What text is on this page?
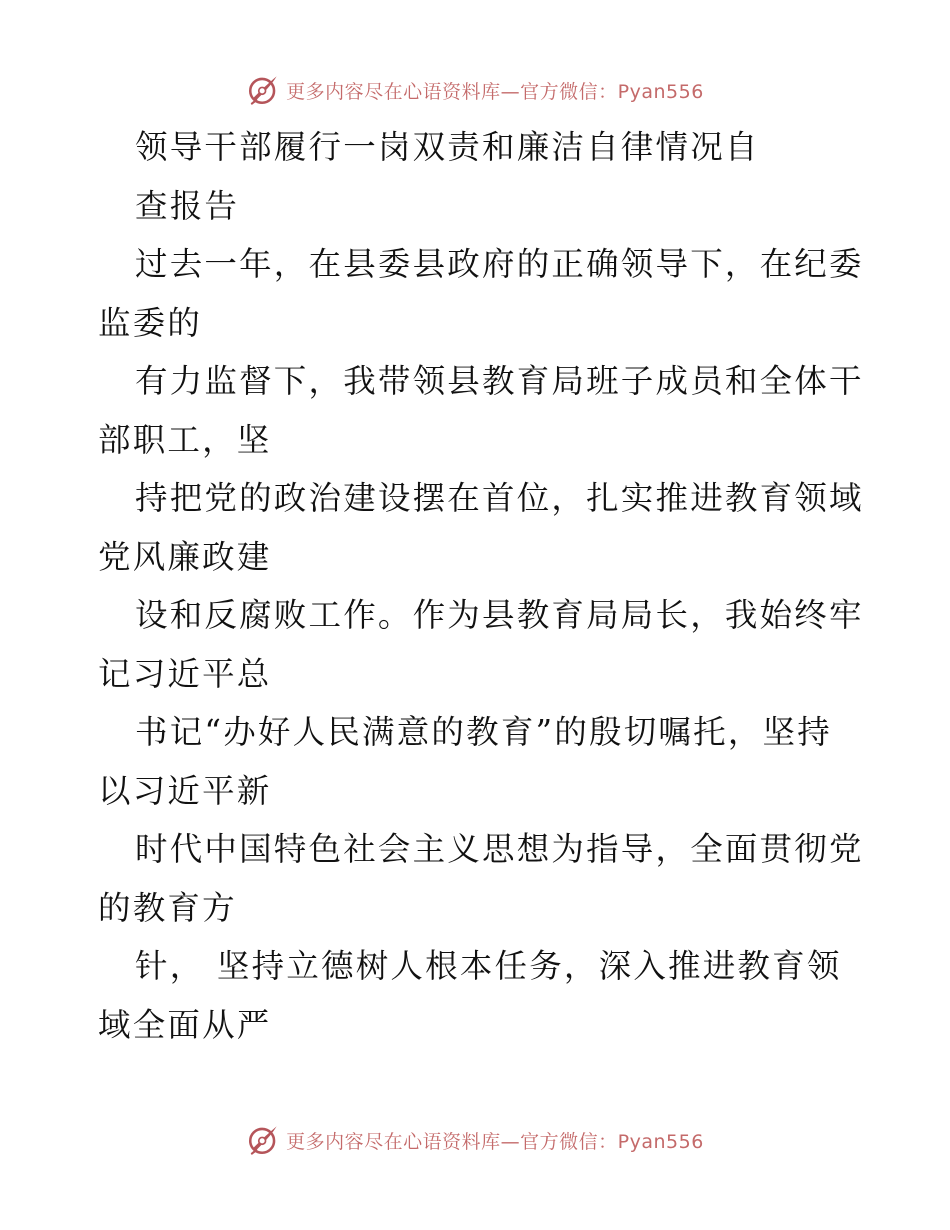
更多内容尽在心语资料库—官方微信：Pyan556
领导干部履行一岗双责和廉洁自律情况自
查报告
过去一年，在县委县政府的正确领导下，在纪委
监委的
有力监督下，我带领县教育局班子成员和全体干
部职工，坚
持把党的政治建设摆在首位，扎实推进教育领域
党风廉政建
设和反腐败工作。作为县教育局局长，我始终牢
记习近平总
书记“办好人民满意的教育”的殷切嘱托，坚持
以习近平新
时代中国特色社会主义思想为指导，全面贯彻党
的教育方
针， 坚持立德树人根本任务，深入推进教育领
域全面从严
更多内容尽在心语资料库—官方微信：Pyan556
